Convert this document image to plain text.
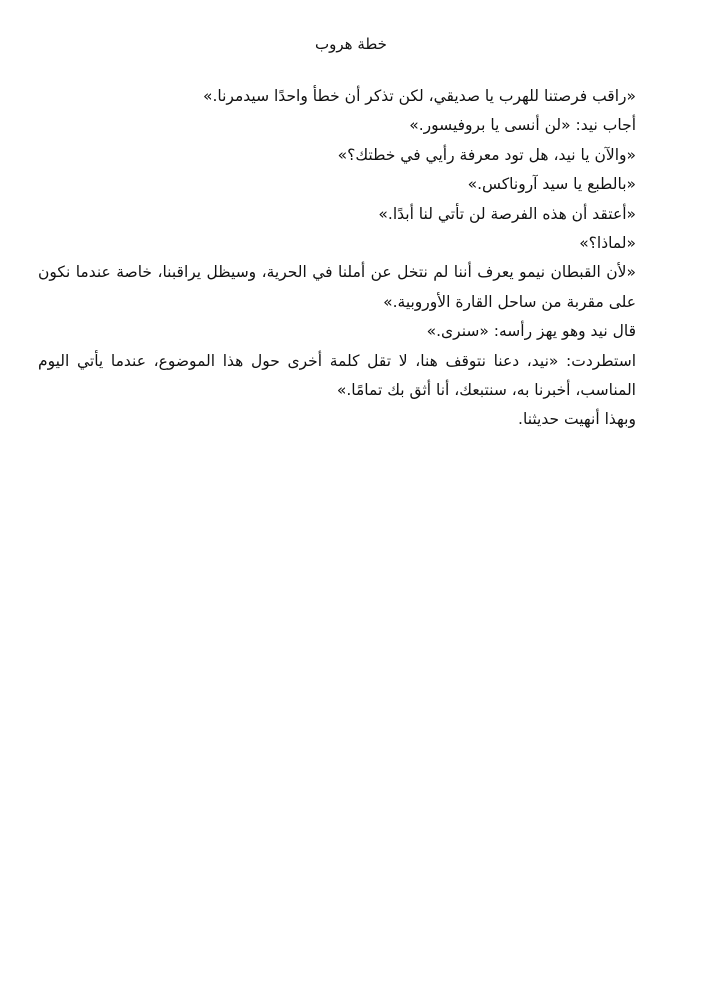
خطة هروب

«راقب فرصتنا للهرب يا صديقي، لكن تذكر أن خطأ واحدًا سيدمرنا.»

أجاب نيد: «لن أنسى يا بروفيسور.»

«والآن يا نيد، هل تود معرفة رأيي في خطتك؟»

«بالطبع يا سيد آروناكس.»

«أعتقد أن هذه الفرصة لن تأتي لنا أبدًا.»

«لماذا؟»

«لأن القبطان نيمو يعرف أننا لم نتخل عن أملنا في الحرية، وسيظل يراقبنا، خاصة عندما نكون على مقربة من ساحل القارة الأوروبية.»

قال نيد وهو يهز رأسه: «سنرى.»

استطردت: «نيد، دعنا نتوقف هنا، لا تقل كلمة أخرى حول هذا الموضوع، عندما يأتي اليوم المناسب، أخبرنا به، سنتبعك، أنا أثق بك تمامًا.»

وبهذا أنهيت حديثنا.
